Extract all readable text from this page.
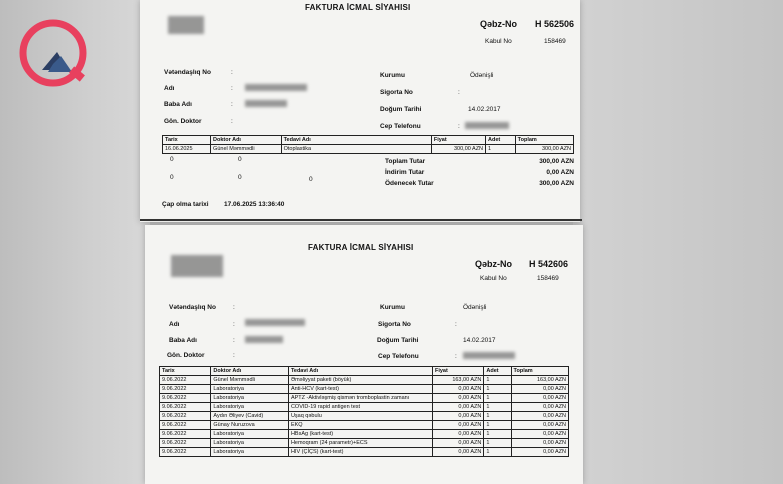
FAKTURA İCMAL SİYAHISI
Qəbz-No H 562506
Kabul No	158469
Vətəndaşlıq No	:
Adı	:
Baba Adı	:
Gön. Doktor	:
Kurumu	Ödənişli
Sigorta No	:
Doğum Tarihi	14.02.2017
Cep Telefonu	:
Tarix	Doktor Adı	Tedavi Adı	Fiyat	Adet	Toplam
16.06.2025	Günel Məmmədli	Otoplastika	300,00 AZN	1	300,00 AZN
0	0
0	0	0
Toplam Tutar	300,00 AZN
İndirim Tutar	0,00 AZN
Ödenecek Tutar	300,00 AZN
Çap olma tarixi 17.06.2025 13:36:40
FAKTURA İCMAL SİYAHISI
Qəbz-No H 542606
Kabul No	158469
Vətəndaşlıq No	:
Adı	:
Baba Adı	:
Gön. Doktor	:
Kurumu	Ödənişli
Sigorta No	:
Doğum Tarihi	14.02.2017
Cep Telefonu	:
Tarix	Doktor Adı	Tedavi Adı	Fiyat	Adet	Toplam
9.06.2022	Günel Məmmədli	Əməliyyat paketi (böyük)	163,00 AZN	1	163,00 AZN
9.06.2022	Laboratoriya	Anti-HCV (kart-test)	0,00 AZN	1	0,00 AZN
9.06.2022	Laboratoriya	APTZ -Aktivləşmiş qismən tromboplastin zamanı	0,00 AZN	1	0,00 AZN
9.06.2022	Laboratoriya	COVID-19 rapid antigen test	0,00 AZN	1	0,00 AZN
9.06.2022	Aydın Əliyev (Cavid)	Uşaq qəbulu	0,00 AZN	1	0,00 AZN
9.06.2022	Günay Nuruzova	EKQ	0,00 AZN	1	0,00 AZN
9.06.2022	Laboratoriya	HBsAg (kart-test)	0,00 AZN	1	0,00 AZN
9.06.2022	Laboratoriya	Hemoqram (24 parametr)+ECS	0,00 AZN	1	0,00 AZN
9.06.2022	Laboratoriya	HIV (ÇİÇS) (kart-test)	0,00 AZN	1	0,00 AZN
